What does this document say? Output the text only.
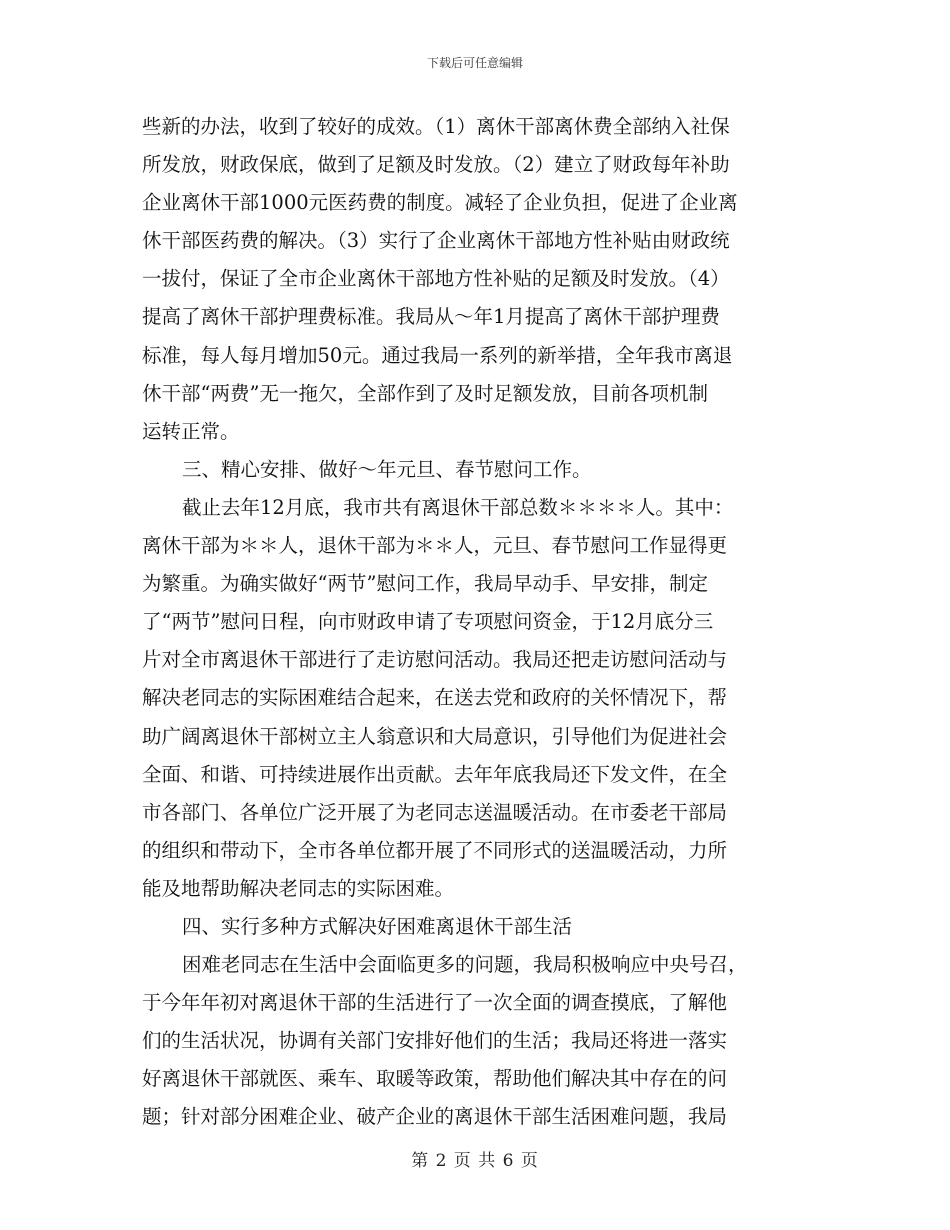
下载后可任意编辑
些新的办法，收到了较好的成效。（1）离休干部离休费全部纳入社保
所发放，财政保底，做到了足额及时发放。（2）建立了财政每年补助
企业离休干部1000元医药费的制度。减轻了企业负担，促进了企业离
休干部医药费的解决。（3）实行了企业离休干部地方性补贴由财政统
一拔付，保证了全市企业离休干部地方性补贴的足额及时发放。（4）
提高了离休干部护理费标准。我局从～年1月提高了离休干部护理费
标准，每人每月增加50元。通过我局一系列的新举措，全年我市离退
休干部“两费”无一拖欠，全部作到了及时足额发放，目前各项机制
运转正常。
三、精心安排、做好～年元旦、春节慰问工作。
截止去年12月底，我市共有离退休干部总数＊＊＊＊人。其中：
离休干部为＊＊人，退休干部为＊＊人，元旦、春节慰问工作显得更
为繁重。为确实做好“两节”慰问工作，我局早动手、早安排，制定
了“两节”慰问日程，向市财政申请了专项慰问资金，于12月底分三
片对全市离退休干部进行了走访慰问活动。我局还把走访慰问活动与
解决老同志的实际困难结合起来，在送去党和政府的关怀情况下，帮
助广阔离退休干部树立主人翁意识和大局意识，引导他们为促进社会
全面、和谐、可持续进展作出贡献。去年年底我局还下发文件，在全
市各部门、各单位广泛开展了为老同志送温暖活动。在市委老干部局
的组织和带动下，全市各单位都开展了不同形式的送温暖活动，力所
能及地帮助解决老同志的实际困难。
四、实行多种方式解决好困难离退休干部生活
困难老同志在生活中会面临更多的问题，我局积极响应中央号召，
于今年年初对离退休干部的生活进行了一次全面的调查摸底，了解他
们的生活状况，协调有关部门安排好他们的生活；我局还将进一落实
好离退休干部就医、乘车、取暖等政策，帮助他们解决其中存在的问
题；针对部分困难企业、破产企业的离退休干部生活困难问题，我局
第 2 页 共 6 页
